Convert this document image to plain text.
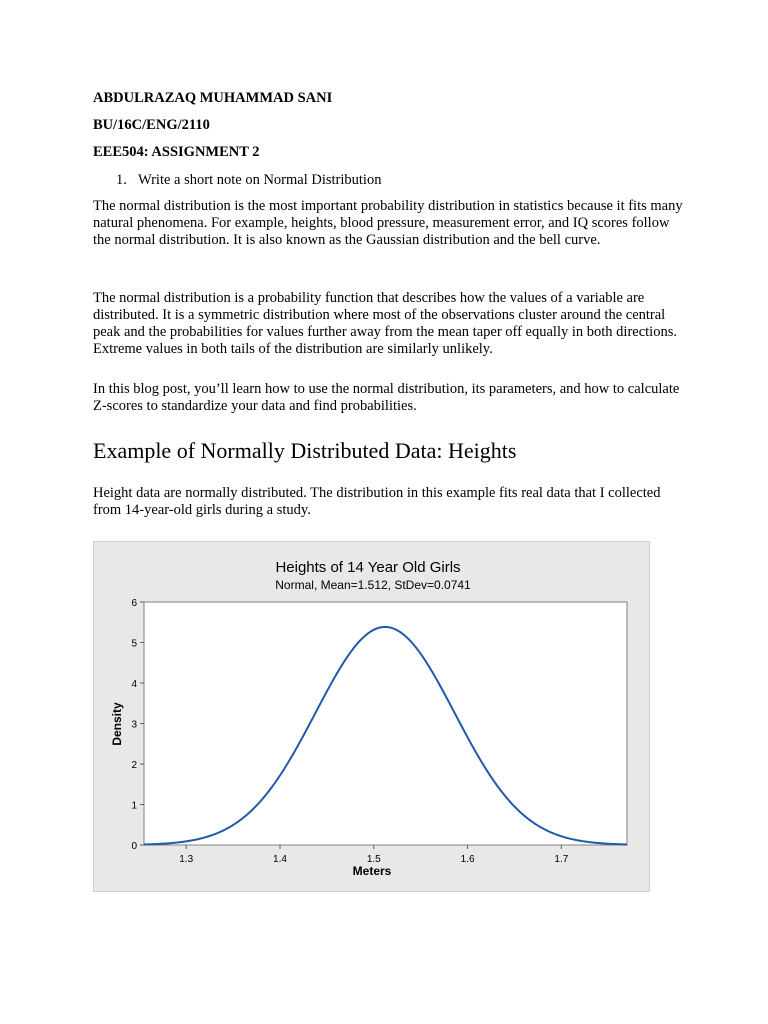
ABDULRAZAQ MUHAMMAD SANI
BU/16C/ENG/2110
EEE504: ASSIGNMENT 2
1. Write a short note on Normal Distribution

The normal distribution is the most important probability distribution in statistics because it fits many natural phenomena. For example, heights, blood pressure, measurement error, and IQ scores follow the normal distribution. It is also known as the Gaussian distribution and the bell curve.

The normal distribution is a probability function that describes how the values of a variable are distributed. It is a symmetric distribution where most of the observations cluster around the central peak and the probabilities for values further away from the mean taper off equally in both directions. Extreme values in both tails of the distribution are similarly unlikely.

In this blog post, you’ll learn how to use the normal distribution, its parameters, and how to calculate Z-scores to standardize your data and find probabilities.

Example of Normally Distributed Data: Heights

Height data are normally distributed. The distribution in this example fits real data that I collected from 14-year-old girls during a study.

Heights of 14 Year Old Girls
Normal, Mean=1.512, StDev=0.0741
0
1
2
3
4
5
6
1.3	1.4	1.5	1.6	1.7
Meters
Density
